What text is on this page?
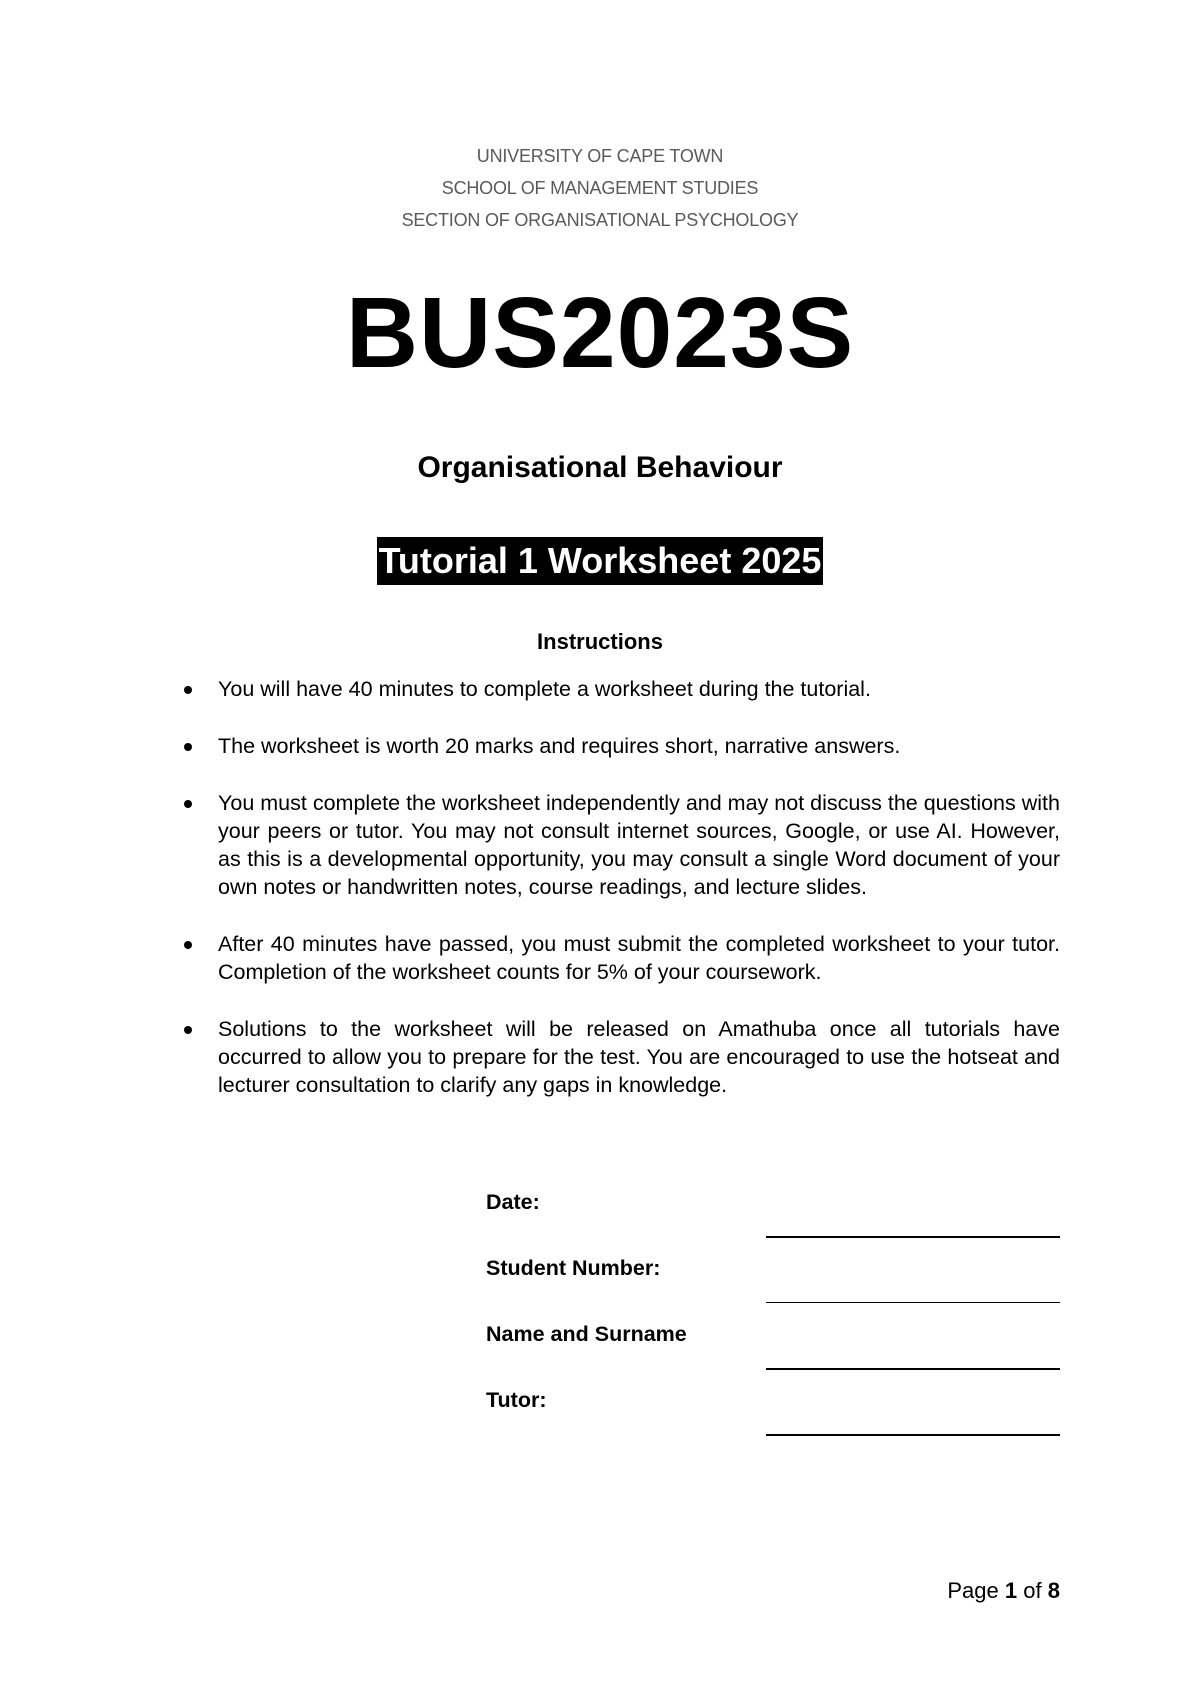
UNIVERSITY OF CAPE TOWN
SCHOOL OF MANAGEMENT STUDIES
SECTION OF ORGANISATIONAL PSYCHOLOGY
BUS2023S
Organisational Behaviour
Tutorial 1 Worksheet 2025
Instructions
You will have 40 minutes to complete a worksheet during the tutorial.
The worksheet is worth 20 marks and requires short, narrative answers.
You must complete the worksheet independently and may not discuss the questions with your peers or tutor. You may not consult internet sources, Google, or use AI. However, as this is a developmental opportunity, you may consult a single Word document of your own notes or handwritten notes, course readings, and lecture slides.
After 40 minutes have passed, you must submit the completed worksheet to your tutor. Completion of the worksheet counts for 5% of your coursework.
Solutions to the worksheet will be released on Amathuba once all tutorials have occurred to allow you to prepare for the test. You are encouraged to use the hotseat and lecturer consultation to clarify any gaps in knowledge.
Date:
Student Number:
Name and Surname
Tutor:
Page 1 of 8
